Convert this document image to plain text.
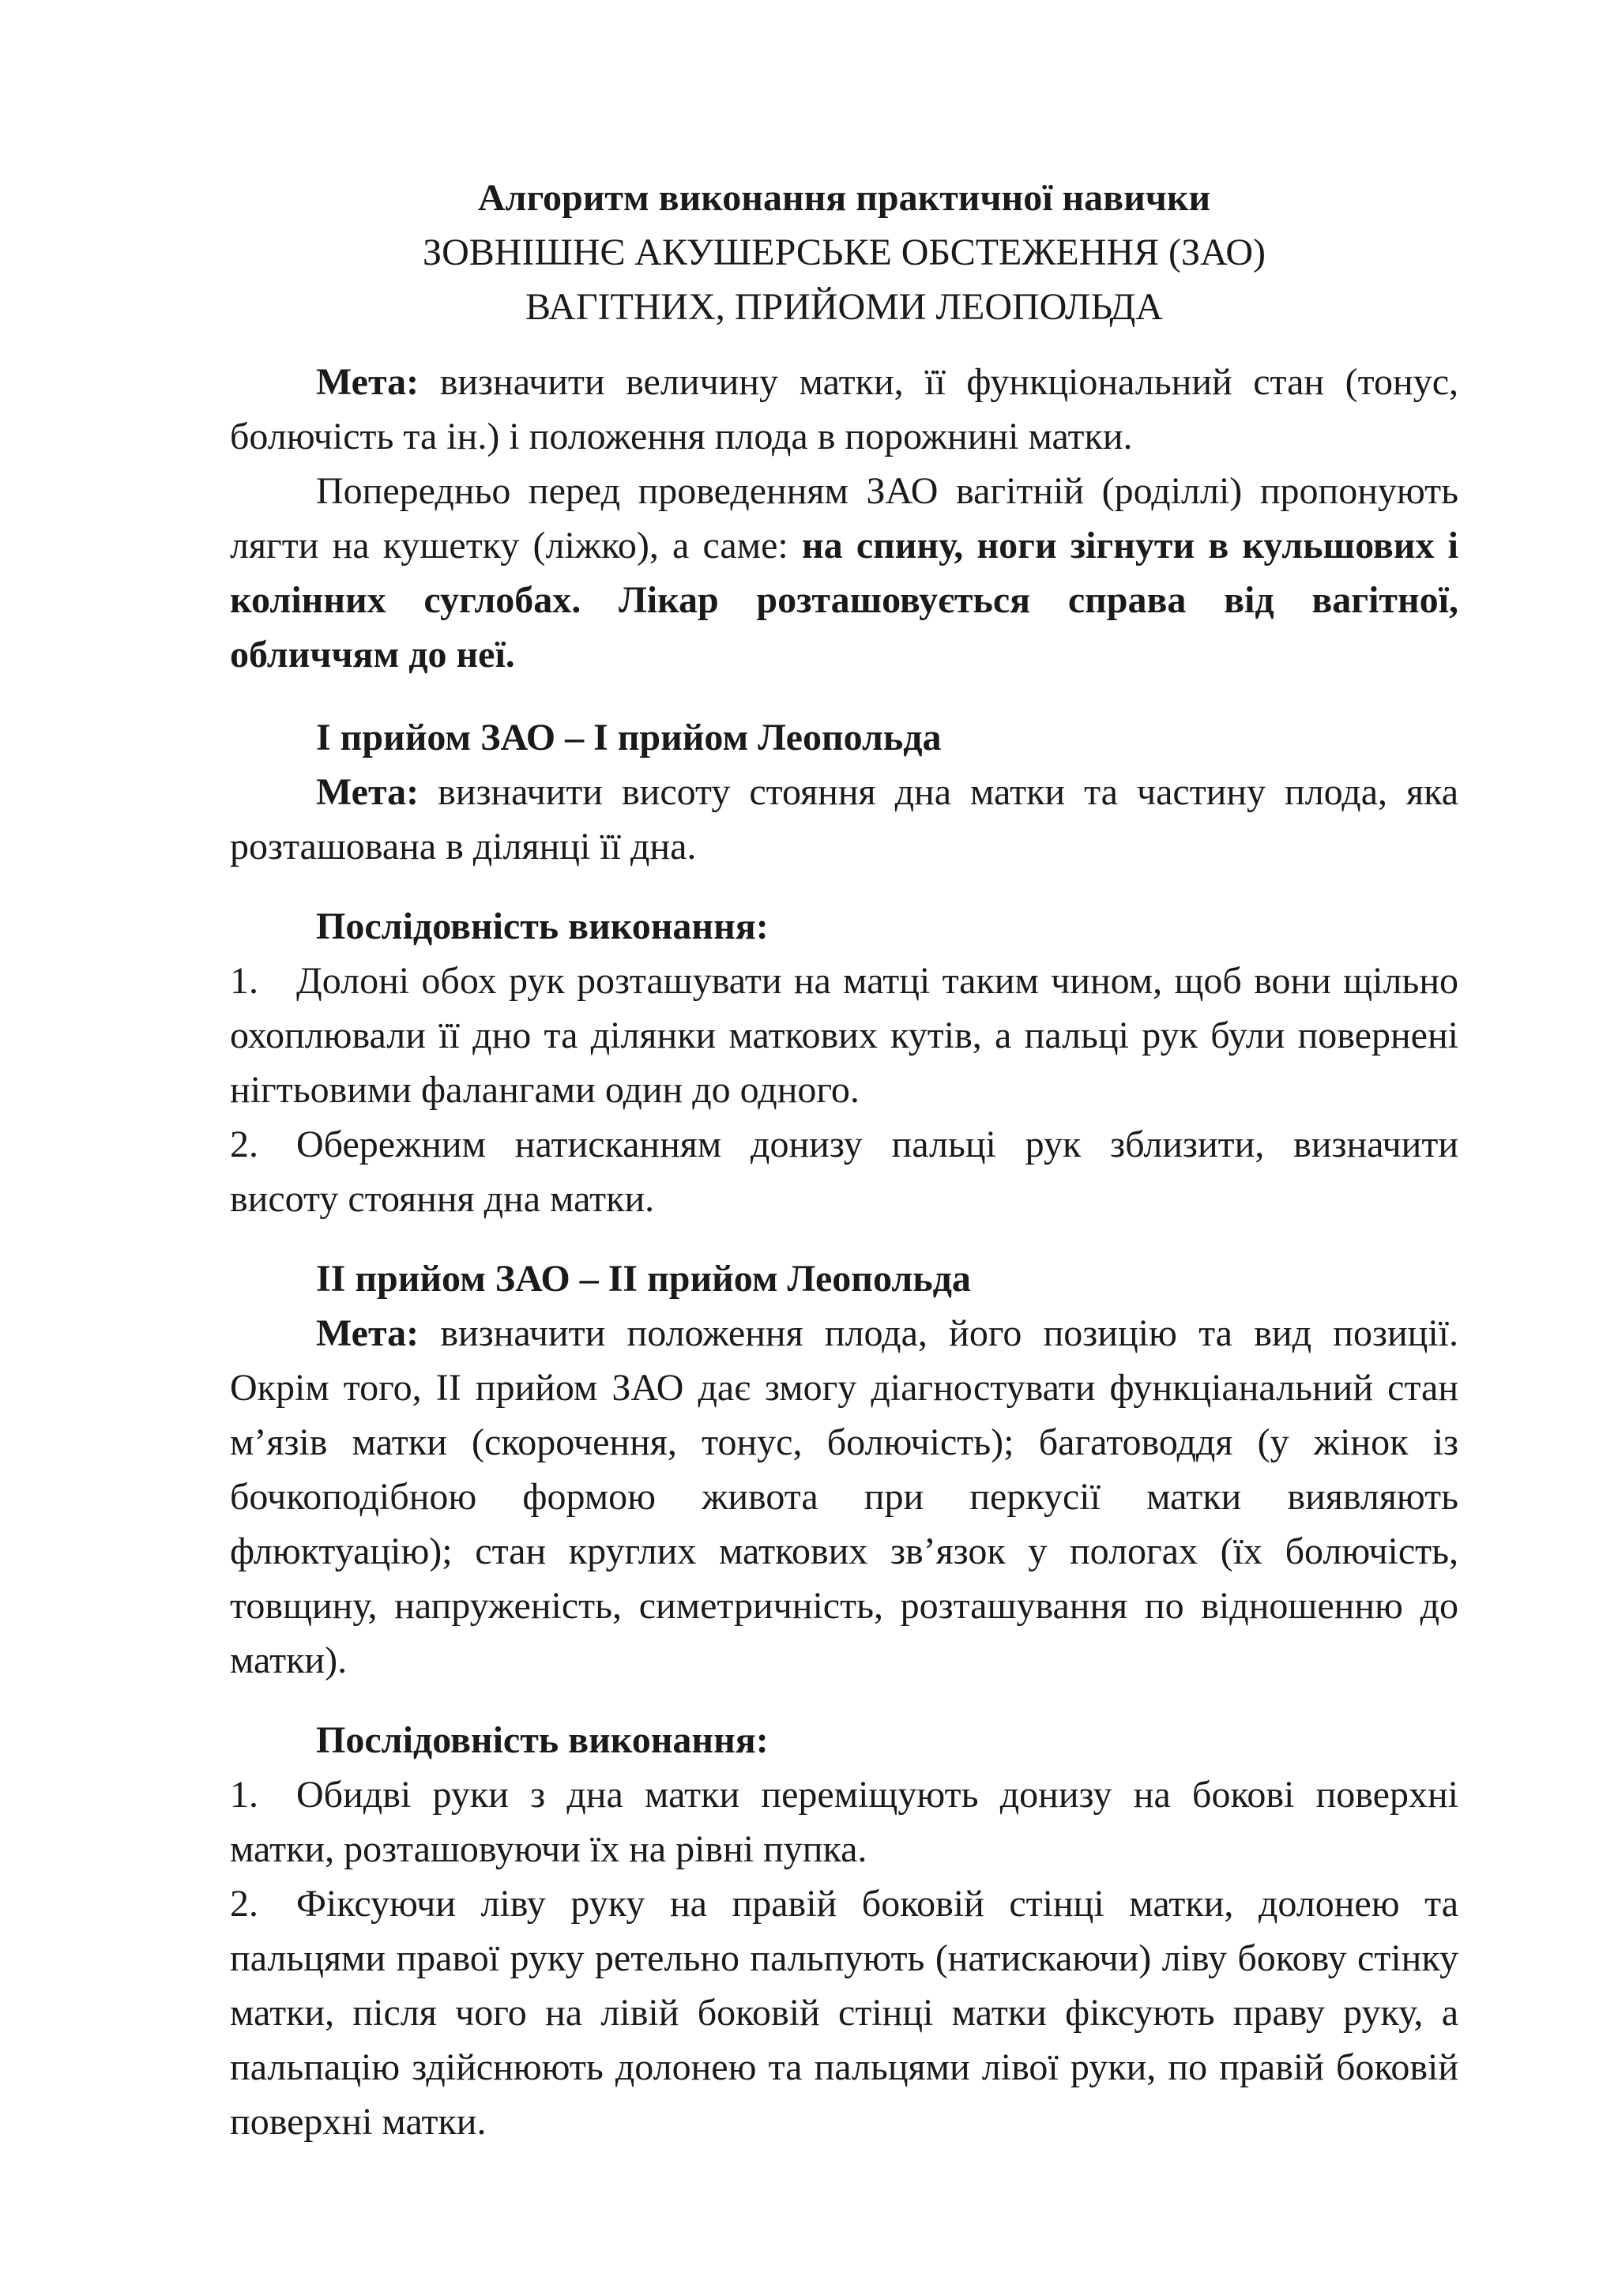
Алгоритм виконання практичної навички
ЗОВНІШНЄ АКУШЕРСЬКЕ ОБСТЕЖЕННЯ (ЗАО)
ВАГІТНИХ, ПРИЙОМИ ЛЕОПОЛЬДА

Мета: визначити величину матки, її функціональний стан (тонус, болючість та ін.) і положення плода в порожнині матки.

Попередньо перед проведенням ЗАО вагітній (роділлі) пропонують лягти на кушетку (ліжко), а саме: на спину, ноги зігнути в кульшових і колінних суглобах. Лікар розташовується справа від вагітної, обличчям до неї.

І прийом ЗАО – І прийом Леопольда

Мета: визначити висоту стояння дна матки та частину плода, яка розташована в ділянці її дна.

Послідовність виконання:

1. Долоні обох рук розташувати на матці таким чином, щоб вони щільно охоплювали її дно та ділянки маткових кутів, а пальці рук були повернені нігтьовими фалангами один до одного.

2. Обережним натисканням донизу пальці рук зблизити, визначити висоту стояння дна матки.

ІІ прийом ЗАО – ІІ прийом Леопольда

Мета: визначити положення плода, його позицію та вид позиції. Окрім того, ІІ прийом ЗАО дає змогу діагностувати функціанальний стан м’язів матки (скорочення, тонус, болючість); багатоводдя (у жінок із бочкоподібною формою живота при перкусії матки виявляють флюктуацію); стан круглих маткових зв’язок у пологах (їх болючість, товщину, напруженість, симетричність, розташування по відношенню до матки).

Послідовність виконання:

1. Обидві руки з дна матки переміщують донизу на бокові поверхні матки, розташовуючи їх на рівні пупка.

2. Фіксуючи ліву руку на правій боковій стінці матки, долонею та пальцями правої руку ретельно пальпують (натискаючи) ліву бокову стінку матки, після чого на лівій боковій стінці матки фіксують праву руку, а пальпацію здійснюють долонею та пальцями лівої руки, по правій боковій поверхні матки.
